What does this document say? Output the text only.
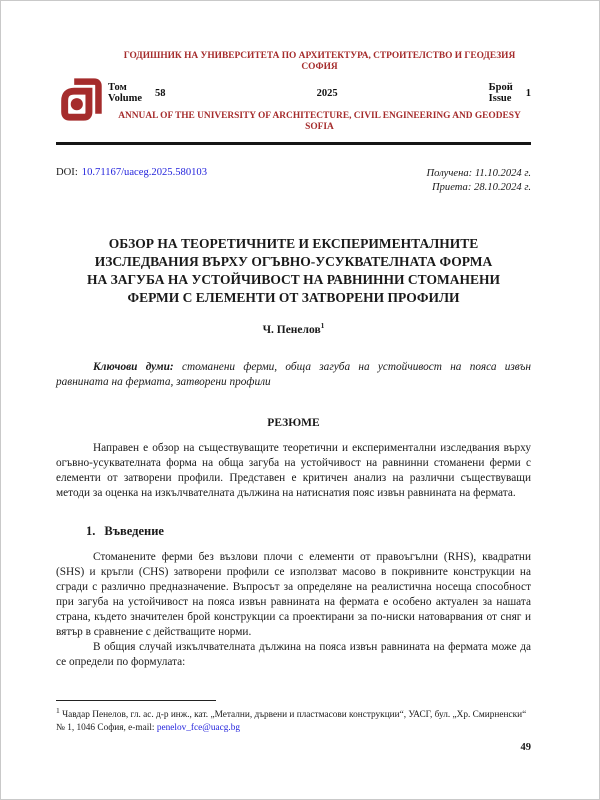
ГОДИШНИК НА УНИВЕРСИТЕТА ПО АРХИТЕКТУРА, СТРОИТЕЛСТВО И ГЕОДЕЗИЯ
СОФИЯ
Том
Volume 58	2025	Брой
Issue 1
ANNUAL OF THE UNIVERSITY OF ARCHITECTURE, CIVIL ENGINEERING AND GEODESY
SOFIA
DOI: 10.71167/uaceg.2025.580103	Получена: 11.10.2024 г.
Приета: 28.10.2024 г.
ОБЗОР НА ТЕОРЕТИЧНИТЕ И ЕКСПЕРИМЕНТАЛНИТЕ
ИЗСЛЕДВАНИЯ ВЪРХУ ОГЪВНО-УСУКВАТЕЛНАТА ФОРМА
НА ЗАГУБА НА УСТОЙЧИВОСТ НА РАВНИННИ СТОМАНЕНИ
ФЕРМИ С ЕЛЕМЕНТИ ОТ ЗАТВОРЕНИ ПРОФИЛИ
Ч. Пенелов$^1$
Ключови думи: стоманени ферми, обща загуба на устойчивост на пояса извън равнината на фермата, затворени профили
РЕЗЮМЕ
Направен е обзор на съществуващите теоретични и експериментални изследвания върху огъвно-усуквателната форма на обща загуба на устойчивост на равнинни стоманени ферми с елементи от затворени профили. Представен е критичен анализ на различни съществуващи методи за оценка на изкълчвателната дължина на натиснатия пояс извън равнината на фермата.
1. Въведение
Стоманените ферми без възлови плочи с елементи от правоъгълни (RHS), квадратни (SHS) и кръгли (CHS) затворени профили се използват масово в покривните конструкции на сгради с различно предназначение. Въпросът за определяне на реалистична носеща способност при загуба на устойчивост на пояса извън равнината на фермата е особено актуален за нашата страна, където значителен брой конструкции са проектирани за по-ниски натоварвания от сняг и вятър в сравнение с действащите норми.
В общия случай изкълчвателната дължина на пояса извън равнината на фермата може да се определи по формулата:
$^1$ Чавдар Пенелов, гл. ас. д-р инж., кат. „Метални, дървени и пластмасови конструкции“, УАСГ, бул. „Хр. Смирненски“ № 1, 1046 София, e-mail: penelov_fce@uacg.bg
49
